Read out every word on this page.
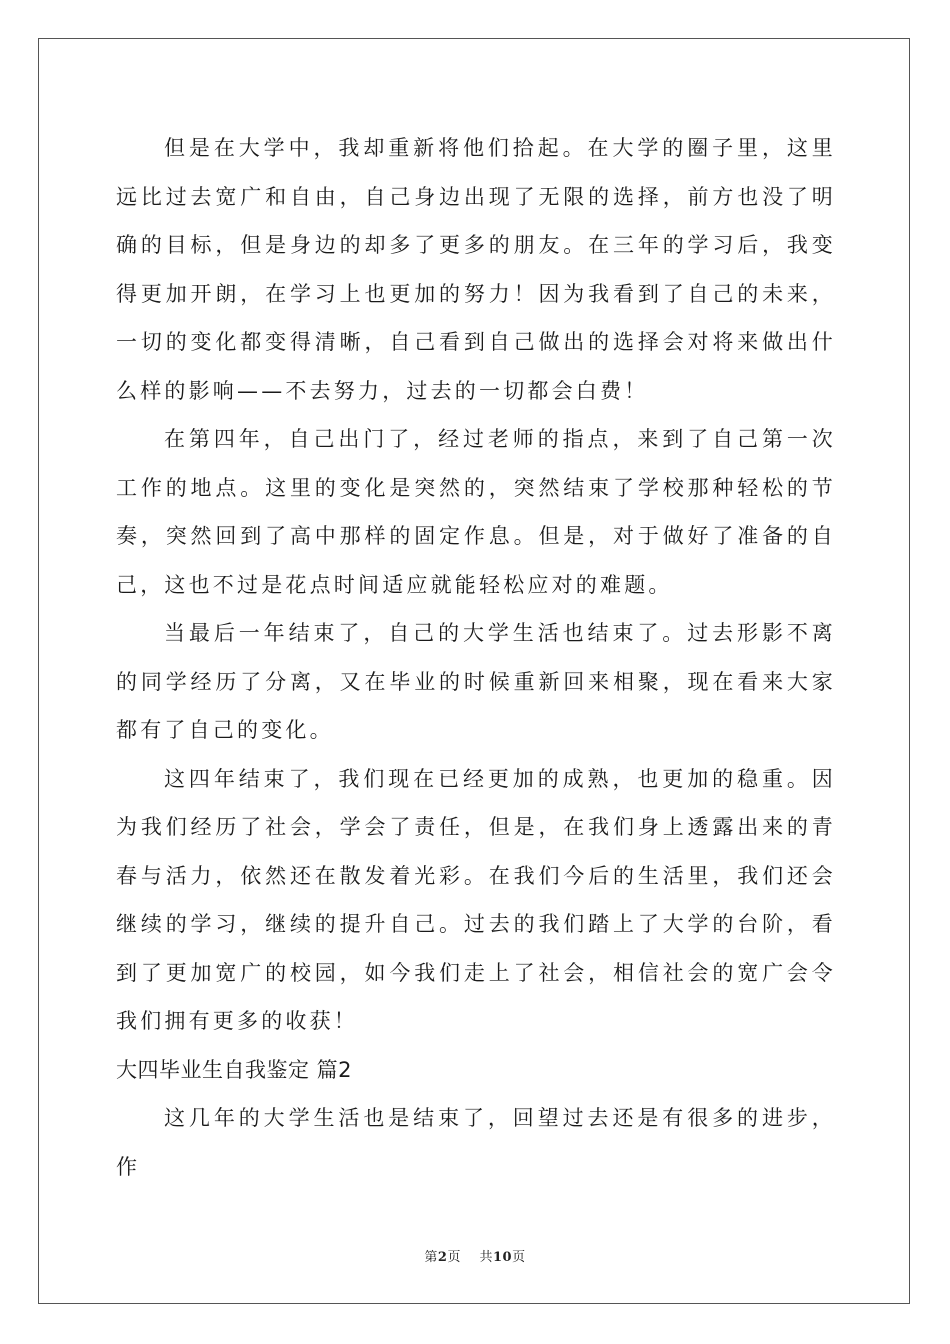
但是在大学中，我却重新将他们拾起。在大学的圈子里，这里远比过去宽广和自由，自己身边出现了无限的选择，前方也没了明确的目标，但是身边的却多了更多的朋友。在三年的学习后，我变得更加开朗，在学习上也更加的努力！因为我看到了自己的未来，一切的变化都变得清晰，自己看到自己做出的选择会对将来做出什么样的影响——不去努力，过去的一切都会白费！

在第四年，自己出门了，经过老师的指点，来到了自己第一次工作的地点。这里的变化是突然的，突然结束了学校那种轻松的节奏，突然回到了高中那样的固定作息。但是，对于做好了准备的自己，这也不过是花点时间适应就能轻松应对的难题。

当最后一年结束了，自己的大学生活也结束了。过去形影不离的同学经历了分离，又在毕业的时候重新回来相聚，现在看来大家都有了自己的变化。

这四年结束了，我们现在已经更加的成熟，也更加的稳重。因为我们经历了社会，学会了责任，但是，在我们身上透露出来的青春与活力，依然还在散发着光彩。在我们今后的生活里，我们还会继续的学习，继续的提升自己。过去的我们踏上了大学的台阶，看到了更加宽广的校园，如今我们走上了社会，相信社会的宽广会令我们拥有更多的收获！

大四毕业生自我鉴定 篇2

这几年的大学生活也是结束了，回望过去还是有很多的进步，作

第2页 共10页
